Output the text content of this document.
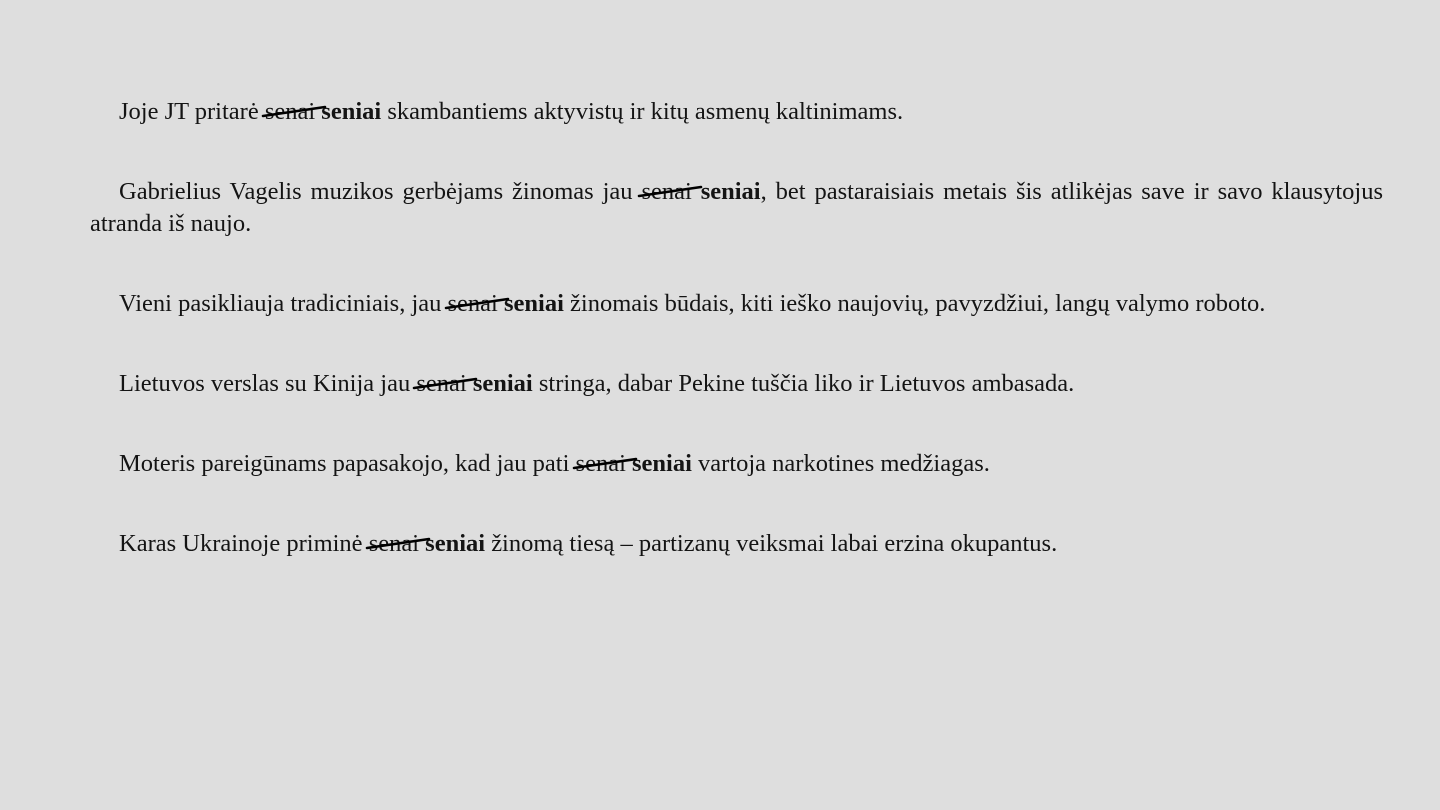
Joje JT pritarė senai seniai skambantiems aktyvistų ir kitų asmenų kaltinimams.

Gabrielius Vagelis muzikos gerbėjams žinomas jau senai seniai, bet pastaraisiais metais šis atlikėjas save ir savo klausytojus atranda iš naujo.

Vieni pasikliauja tradiciniais, jau senai seniai žinomais būdais, kiti ieško naujovių, pavyzdžiui, langų valymo roboto.

Lietuvos verslas su Kinija jau senai seniai stringa, dabar Pekine tuščia liko ir Lietuvos ambasada.

Moteris pareigūnams papasakojo, kad jau pati senai seniai vartoja narkotines medžiagas.

Karas Ukrainoje priminė senai seniai žinomą tiesą – partizanų veiksmai labai erzina okupantus.
